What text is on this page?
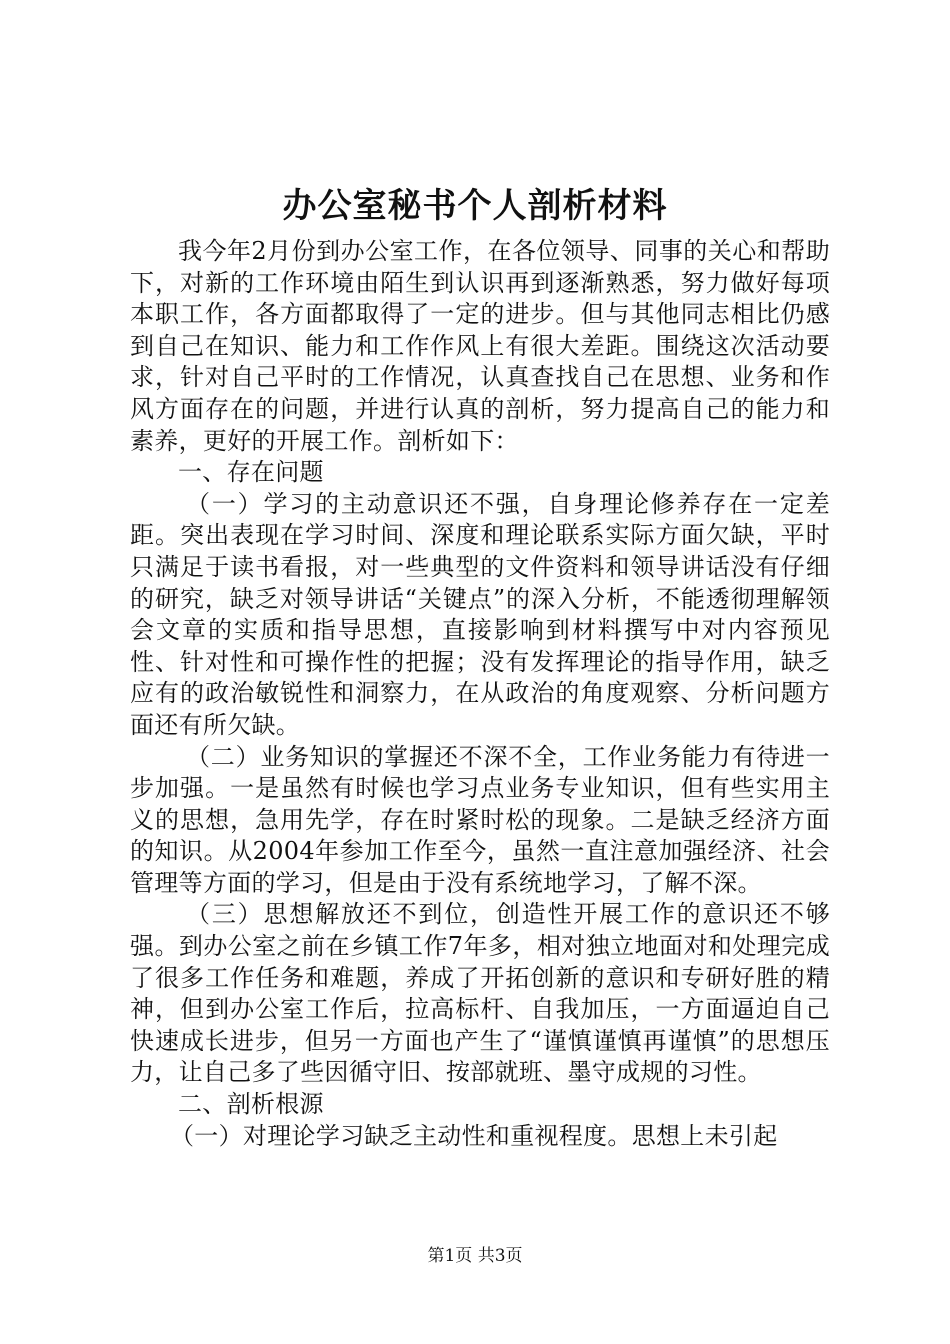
办公室秘书个人剖析材料

我今年2月份到办公室工作，在各位领导、同事的关心和帮助下，对新的工作环境由陌生到认识再到逐渐熟悉，努力做好每项本职工作，各方面都取得了一定的进步。但与其他同志相比仍感到自己在知识、能力和工作作风上有很大差距。围绕这次活动要求，针对自己平时的工作情况，认真查找自己在思想、业务和作风方面存在的问题，并进行认真的剖析，努力提高自己的能力和素养，更好的开展工作。剖析如下：

一、存在问题

（一）学习的主动意识还不强，自身理论修养存在一定差距。突出表现在学习时间、深度和理论联系实际方面欠缺，平时只满足于读书看报，对一些典型的文件资料和领导讲话没有仔细的研究，缺乏对领导讲话“关键点”的深入分析，不能透彻理解领会文章的实质和指导思想，直接影响到材料撰写中对内容预见性、针对性和可操作性的把握；没有发挥理论的指导作用，缺乏应有的政治敏锐性和洞察力，在从政治的角度观察、分析问题方面还有所欠缺。

（二）业务知识的掌握还不深不全，工作业务能力有待进一步加强。一是虽然有时候也学习点业务专业知识，但有些实用主义的思想，急用先学，存在时紧时松的现象。二是缺乏经济方面的知识。从2004年参加工作至今，虽然一直注意加强经济、社会管理等方面的学习，但是由于没有系统地学习，了解不深。

（三）思想解放还不到位，创造性开展工作的意识还不够强。到办公室之前在乡镇工作7年多，相对独立地面对和处理完成了很多工作任务和难题，养成了开拓创新的意识和专研好胜的精神，但到办公室工作后，拉高标杆、自我加压，一方面逼迫自己快速成长进步，但另一方面也产生了“谨慎谨慎再谨慎”的思想压力，让自己多了些因循守旧、按部就班、墨守成规的习性。

二、剖析根源

（一）对理论学习缺乏主动性和重视程度。思想上未引起

第1页 共3页
